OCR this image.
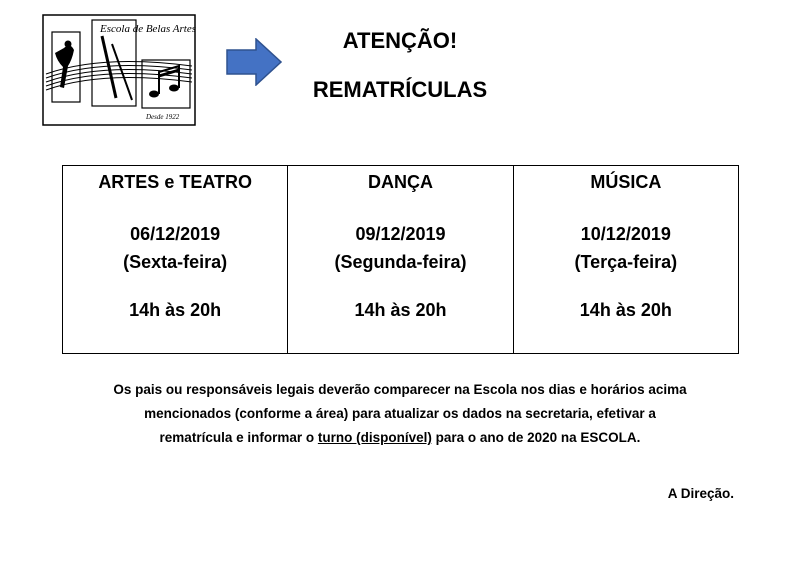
Escola de Belas Artes
Desde 1922
ATENÇÃO!
REMATRÍCULAS
ARTES e TEATRO
06/12/2019
(Sexta-feira)
14h às 20h

DANÇA
09/12/2019
(Segunda-feira)
14h às 20h

MÚSICA
10/12/2019
(Terça-feira)
14h às 20h
Os pais ou responsáveis legais deverão comparecer na Escola nos dias e horários acima
mencionados (conforme a área) para atualizar os dados na secretaria, efetivar a
rematrícula e informar o turno (disponível) para o ano de 2020 na ESCOLA.
A Direção.
